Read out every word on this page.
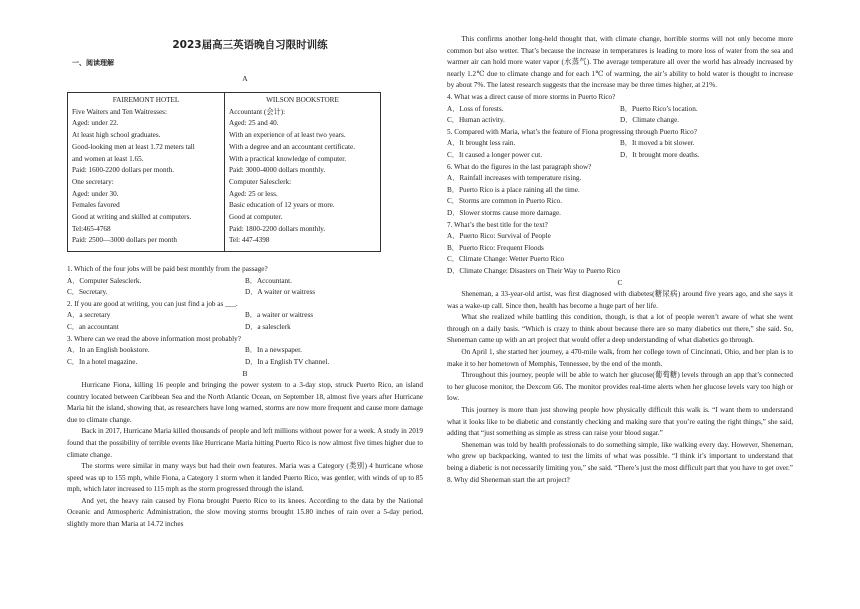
2023届高三英语晚自习限时训练
一、阅读理解
A
FAIREMONT HOTEL
Five Waiters and Ten Waitresses:
Aged: under 22.
At least high school graduates.
Good-looking men at least 1.72 meters tall
and women at least 1.65.
Paid: 1600-2200 dollars per month.
One secretary:
Aged: under 30.
Females favored
Good at writing and skilled at computers.
Tel:465-4768
Paid: 2500—3000 dollars per month
WILSON BOOKSTORE
Accountant (会计):
Aged: 25 and 40.
With an experience of at least two years.
With a degree and an accountant certificate.
With a practical knowledge of computer.
Paid: 3000-4000 dollars monthly.
Computer Salesclerk:
Aged: 25 or less.
Basic education of 12 years or more.
Good at computer.
Paid: 1800-2200 dollars monthly.
Tel: 447-4398

1. Which of the four jobs will be paid best monthly from the passage?

A．Computer Salesclerk.	B．Accountant.

C．Secretary.	D．A waiter or waitress

2. If you are good at writing, you can just find a job as ___.

A．a secretary	B．a waiter or waitress

C．an accountant	D．a salesclerk

3. Where can we read the above information most probably?

A．In an English bookstore.	B．In a newspaper.

C．In a hotel magazine.	D．In a English TV channel.

B

Hurricane Fiona, killing 16 people and bringing the power system to a 3-day stop, struck Puerto Rico, an island country located between Caribbean Sea and the North Atlantic Ocean, on September 18, almost five years after Hurricane Maria hit the island, showing that, as researchers have long warned, storms are now more frequent and cause more damage due to climate change.

Back in 2017, Hurricane Maria killed thousands of people and left millions without power for a week. A study in 2019 found that the possibility of terrible events like Hurricane Maria hitting Puerto Rico is now almost five times higher due to climate change.

The storms were similar in many ways but had their own features. Maria was a Category (类别) 4 hurricane whose speed was up to 155 mph, while Fiona, a Category 1 storm when it landed Puerto Rico, was gentler, with winds of up to 85 mph, which later increased to 115 mph as the storm progressed through the island.

And yet, the heavy rain caused by Fiona brought Puerto Rico to its knees. According to the data by the National Oceanic and Atmospheric Administration, the slow moving storms brought 15.80 inches of rain over a 5-day period, slightly more than Maria at 14.72 inches

This confirms another long-held thought that, with climate change, horrible storms will not only become more common but also wetter. That’s because the increase in temperatures is leading to more loss of water from the sea and warmer air can hold more water vapor (水蒸气). The average temperature all over the world has already increased by nearly 1.2℃ due to climate change and for each 1℃ of warming, the air’s ability to hold water is thought to increase by about 7%. The latest research suggests that the increase may be three times higher, at 21%.

4. What was a direct cause of more storms in Puerto Rico?

A．Loss of forests.	B．Puerto Rico’s location.

C．Human activity.	D．Climate change.

5. Compared with Maria, what’s the feature of Fiona progressing through Puerto Rico?

A．It brought less rain.	B．It moved a bit slower.

C．It caused a longer power cut.	D．It brought more deaths.

6. What do the figures in the last paragraph show?

A．Rainfall increases with temperature rising.

B．Puerto Rico is a place raining all the time.

C．Storms are common in Puerto Rico.

D．Slower storms cause more damage.

7. What’s the best title for the text?

A．Puerto Rico: Survival of People

B．Puerto Rico: Frequent Floods

C．Climate Change: Wetter Puerto Rico

D．Climate Change: Disasters on Their Way to Puerto Rico

C

Sheneman, a 33-year-old artist, was first diagnosed with diabetes(糖尿病) around five years ago, and she says it was a wake-up call. Since then, health has become a huge part of her life.

What she realized while battling this condition, though, is that a lot of people weren’t aware of what she went through on a daily basis. “Which is crazy to think about because there are so many diabetics out there,” she said. So, Sheneman came up with an art project that would offer a deep understanding of what diabetics go through.

On April 1, she started her journey, a 470-mile walk, from her college town of Cincinnati, Ohio, and her plan is to make it to her hometown of Memphis, Tennessee, by the end of the month.

Throughout this journey, people will be able to watch her glucose(葡萄糖) levels through an app that’s connected to her glucose monitor, the Dexcom G6. The monitor provides real-time alerts when her glucose levels vary too high or low.

This journey is more than just showing people how physically difficult this walk is. “I want them to understand what it looks like to be diabetic and constantly checking and making sure that you’re eating the right things,” she said, adding that “just something as simple as stress can raise your blood sugar.”

Sheneman was told by health professionals to do something simple, like walking every day. However, Sheneman, who grew up backpacking, wanted to test the limits of what was possible. “I think it’s important to understand that being a diabetic is not necessarily limiting you,” she said. “There’s just the most difficult part that you have to get over.”

8. Why did Sheneman start the art project?
